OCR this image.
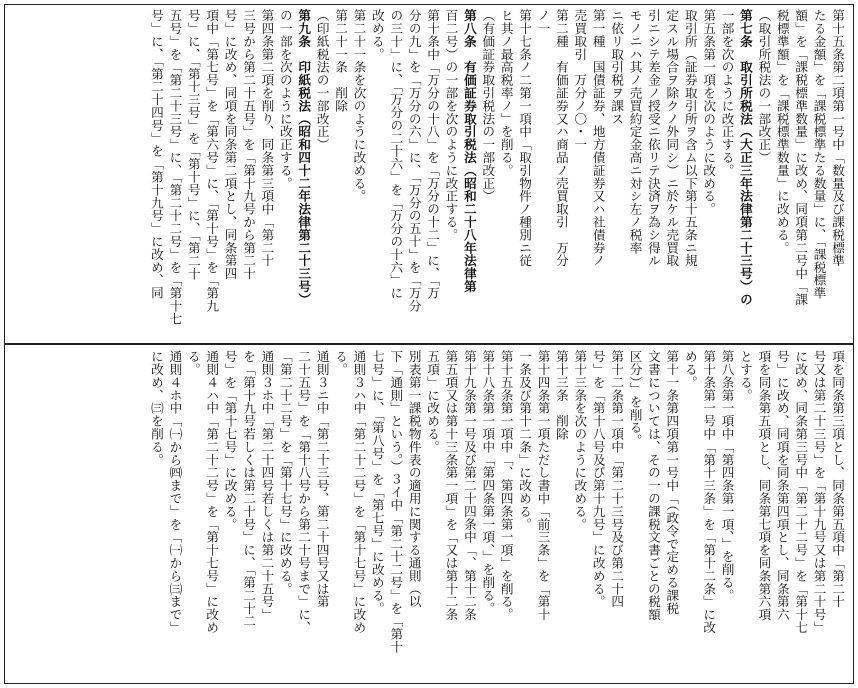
第十五条第二項第一号中「数量及び課税標準
たる金額」を「課税標準たる数量」に、「課税標準
額」を「課税標準数量」に改め、同項第二号中「課
税標準額」を「課税標準数量」に改める。
（取引所税法の一部改正）
第七条　取引所税法（大正三年法律第二十三号）の
一部を次のように改正する。
第五条第一項を次のように改める。
取引所（証券取引所ヲ含ム以下第十五条ニ規
定スル場合ヲ除クノ外同シ）ニ於ケル売買取
引ニシテ差金ノ授受ニ依リテ決済ヲ為シ得ル
モノニハ其ノ売買約定金高ニ対シ左ノ税率
ニ依リ取引税ヲ課ス
第一種　国債証券、地方債証券又ハ社債券ノ
売買取引　万分ノ〇・一
第二種　有価証券又ハ商品ノ売買取引　万分
ノ一
第十七条ノ二第一項中「取引物件ノ種別ニ従
ヒ其ノ最高税率ノ」を削る。
（有価証券取引税法の一部改正）
第八条　有価証券取引税法（昭和二十八年法律第
百二号）の一部を次のように改正する。
第十条中「万分の十八」を「万分の十二」に、「万
分の九」を「万分の六」に、「万分の五十」を「万分
の三十」に、「万分の二十六」を「万分の十六」に
改める。
第二十一条を次のように改める。
第二十一条　削除
（印紙税法の一部改正）
第九条　印紙税法（昭和四十二年法律第二十三号）
の一部を次のように改正する。
第四条第二項を削り、同条第三項中「第二十
三号から第二十五号」を「第十九号から第二十
号」に改め、同項を同条第二項とし、同条第四
項中「第七号」を「第六号」に、「第十号」を「第九
号」に、「第十三号」を「第十号」に、「第二十
五号」を「第二十三号」に、「第二十二号」を「第十七
号」に、「第二十四号」を「第十九号」に改め、同
項を同条第三項とし、同条第五項中「第二十
号又は第二十三号」を「第十九号又は第二十号」
に改め、同条第三号中「第二十二号」を「第十七
号」に改め、同項を同条第四項とし、同条第六
項を同条第五項とし、同条第七項を同条第六項
とする。
第八条第一項中「第四条第一項、」を削る。
第十条第一号中「第十三条」を「第十二条」に改
める。
第十一条第四項第一号中「（政令で定める課税
文書については、その一の課税文書ごとの税額
区分）」を削る。
第十二条第一項中「第二十三号及び第二十四
号」を「第十八号及び第十九号」に改める。
第十三条を次のように改める。
第十三条　削除
第十四条第一項ただし書中「前三条」を「第十
一条及び第十二条」に改める。
第十五条第一項中「、第四条第一項」を削る。
第十八条第一項中「第四条第一項、」を削る。
第十九条第一号及び第二十四条中「、第十二条
第五項又は第十三条第一項」を「又は第十二条
五項」に改める。
別表第一課税物件表の適用に関する通則（以
下「通則」という。）３イ中「第二十二号」を「第十
七号」に、「第八号」を「第七号」に改める。
通則３ハ中「第二十二号」を「第十七号」に改め
る。
通則３ニ中「第二十三号、第二十四号又は第
二十五号」を「第十八号から第二十号まで」に、
「第二十二号」を「第十七号」に改める。
通則３ホ中「第二十四号若しくは第二十五号」
を「第十九号若しくは第二十号」に、「第二十二
号」を「第十七号」に改める。
通則４ハ中「第二十二号」を「第十七号」に改め
る。
通則４ホ中「㈠から㈣まで」を「㈠から㈢まで」
に改め、㈢を削る。
